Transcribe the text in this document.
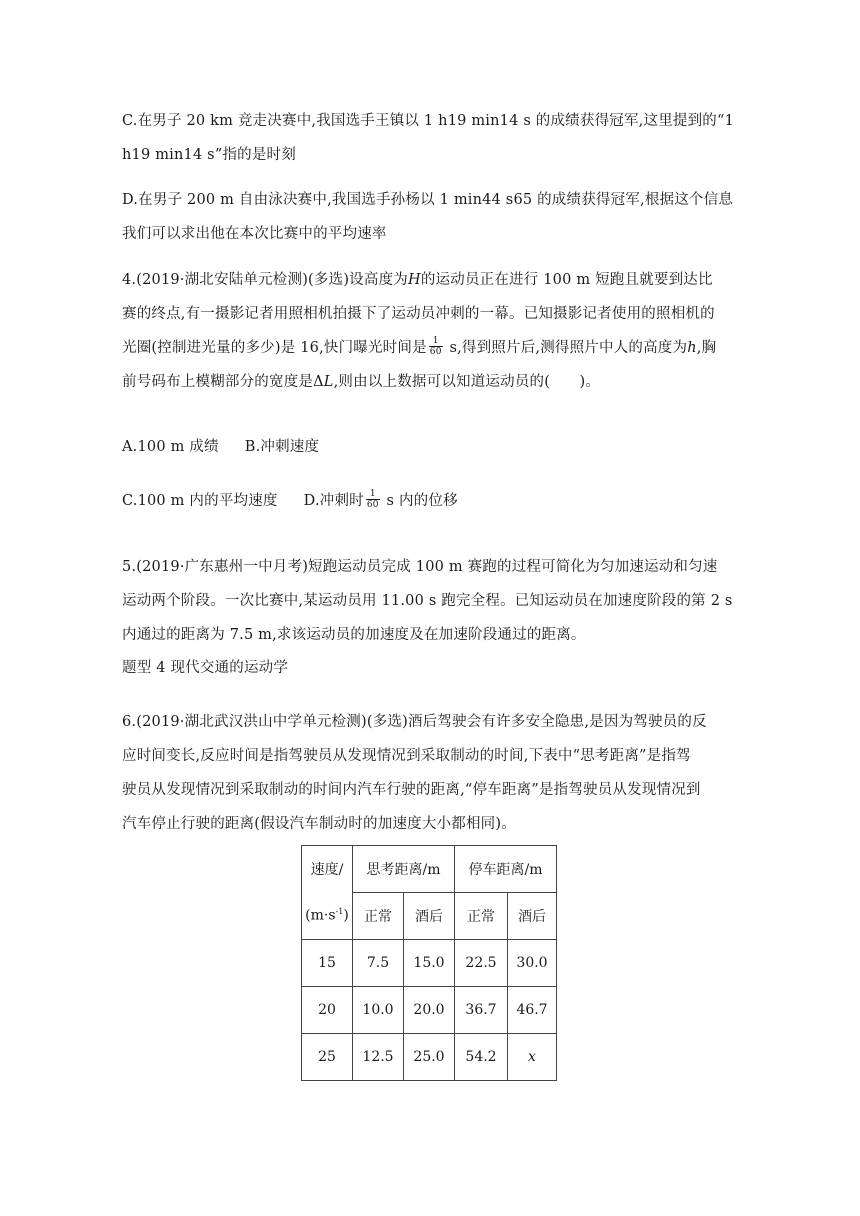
C.在男子 20 km 竞走决赛中,我国选手王镇以 1 h19 min14 s 的成绩获得冠军,这里提到的“1
h19 min14 s”指的是时刻
D.在男子 200 m 自由泳决赛中,我国选手孙杨以 1 min44 s65 的成绩获得冠军,根据这个信息
我们可以求出他在本次比赛中的平均速率
4.(2019·湖北安陆单元检测)(多选)设高度为H的运动员正在进行 100 m 短跑且就要到达比
赛的终点,有一摄影记者用照相机拍摄下了运动员冲刺的一幕。已知摄影记者使用的照相机的
光圈(控制进光量的多少)是 16,快门曝光时间是 $\frac{1}{60} s$,得到照片后,测得照片中人的高度为h,胸
前号码布上模糊部分的宽度是ΔL,则由以上数据可以知道运动员的(　　)。
A.100 m 成绩 B.冲刺速度
C.100 m 内的平均速度 D.冲刺时 $\frac{1}{60}$ s 内的位移
5.(2019·广东惠州一中月考)短跑运动员完成 100 m 赛跑的过程可简化为匀加速运动和匀速
运动两个阶段。一次比赛中,某运动员用 11.00 s 跑完全程。已知运动员在加速度阶段的第 2 s
内通过的距离为 7.5 m,求该运动员的加速度及在加速阶段通过的距离。
题型 4 现代交通的运动学
6.(2019·湖北武汉洪山中学单元检测)(多选)酒后驾驶会有许多安全隐患,是因为驾驶员的反
应时间变长,反应时间是指驾驶员从发现情况到采取制动的时间,下表中“思考距离”是指驾
驶员从发现情况到采取制动的时间内汽车行驶的距离,“停车距离”是指驾驶员从发现情况到
汽车停止行驶的距离(假设汽车制动时的加速度大小都相同)。
速度/	思考距离/m		停车距离/m	
$(m\cdot s^{-1})$	正常	酒后	正常	酒后
15	7.5	15.0	22.5	30.0
20	10.0	20.0	36.7	46.7
25	12.5	25.0	54.2	x
